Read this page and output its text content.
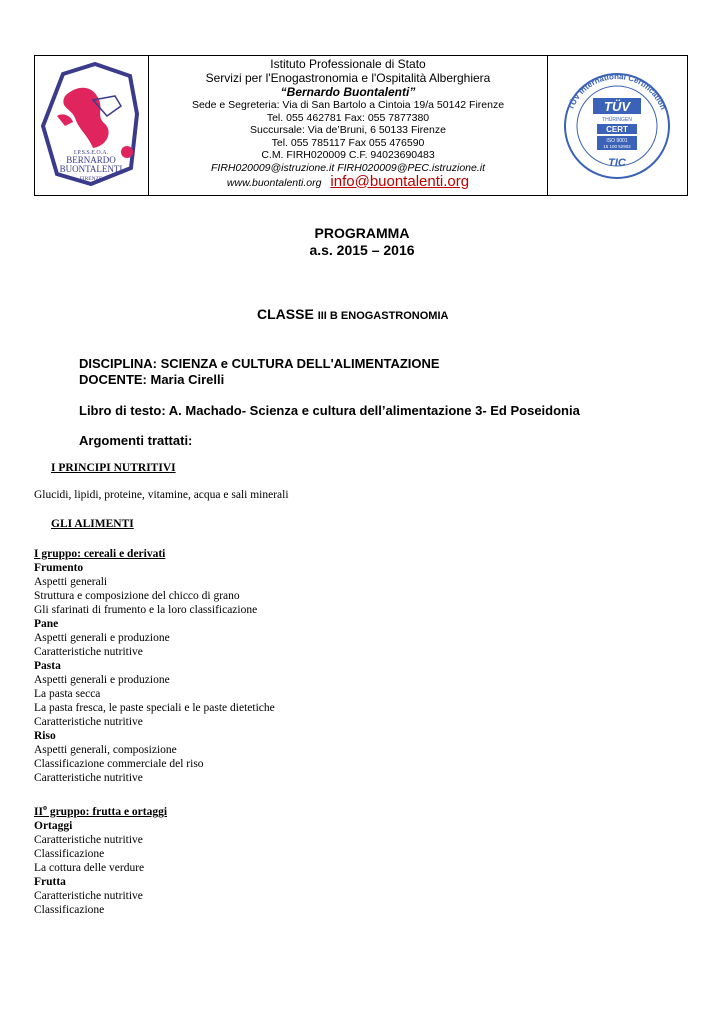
I.P.S.S.E.O.A.
BERNARDO
BUONTALENTI
FIRENZE
Istituto Professionale di Stato
Servizi per l'Enogastronomia e l'Ospitalità Alberghiera
“Bernardo Buontalenti”
Sede e Segreteria: Via di San Bartolo a Cintoia 19/a 50142 Firenze
Tel. 055 462781 Fax: 055 7877380
Succursale: Via de’Bruni, 6 50133 Firenze
Tel. 055 785117 Fax 055 476590
C.M. FIRH020009 C.F. 94023690483
FIRH020009@istruzione.it FIRH020009@PEC.istruzione.it
www.buontalenti.org info@buontalenti.org
TÜV International Certification
TÜV
THÜRINGEN
CERT
ISO 9001
15 100 52902
TIC
PROGRAMMA
a.s. 2015 – 2016
CLASSE III B ENOGASTRONOMIA
DISCIPLINA: SCIENZA e CULTURA DELL'ALIMENTAZIONE
DOCENTE: Maria Cirelli
Libro di testo: A. Machado- Scienza e cultura dell’alimentazione 3- Ed Poseidonia
Argomenti trattati:
I PRINCIPI NUTRITIVI
Glucidi, lipidi, proteine, vitamine, acqua e sali minerali
GLI ALIMENTI
I gruppo: cereali e derivati
Frumento
Aspetti generali
Struttura e composizione del chicco di grano
Gli sfarinati di frumento e la loro classificazione
Pane
Aspetti generali e produzione
Caratteristiche nutritive
Pasta
Aspetti generali e produzione
La pasta secca
La pasta fresca, le paste speciali e le paste dietetiche
Caratteristiche nutritive
Riso
Aspetti generali, composizione
Classificazione commerciale del riso
Caratteristiche nutritive
$II^o$ gruppo: frutta e ortaggi
Ortaggi
Caratteristiche nutritive
Classificazione
La cottura delle verdure
Frutta
Caratteristiche nutritive
Classificazione
